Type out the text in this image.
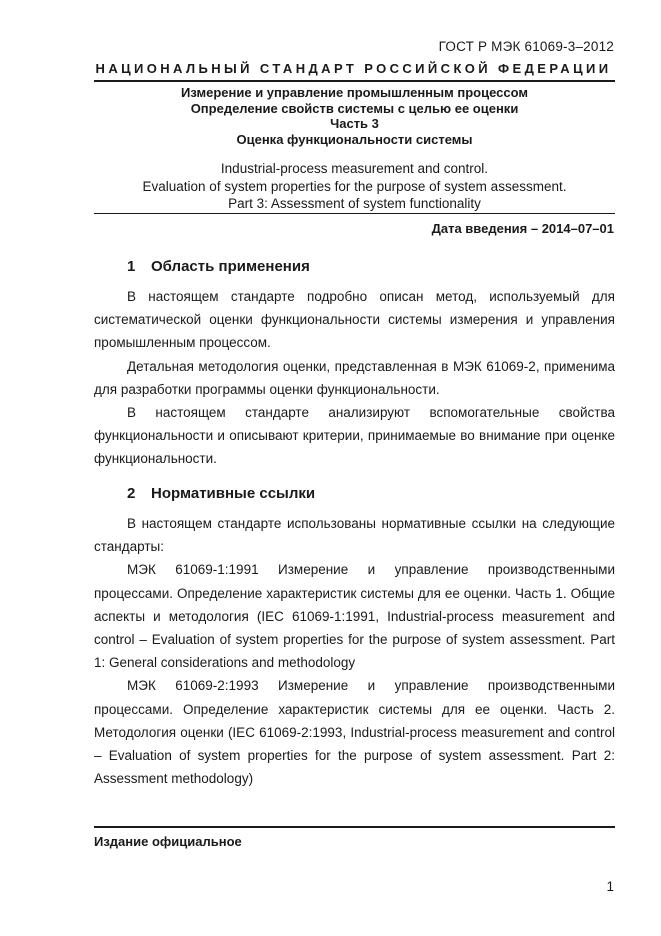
ГОСТ Р МЭК 61069-3–2012
НАЦИОНАЛЬНЫЙ СТАНДАРТ РОССИЙСКОЙ ФЕДЕРАЦИИ
Измерение и управление промышленным процессом
Определение свойств системы с целью ее оценки
Часть 3
Оценка функциональности системы
Industrial-process measurement and control.
Evaluation of system properties for the purpose of system assessment.
Part 3: Assessment of system functionality
Дата введения – 2014–07–01
1 Область применения

В настоящем стандарте подробно описан метод, используемый для систематической оценки функциональности системы измерения и управления промышленным процессом.

Детальная методология оценки, представленная в МЭК 61069-2, применима для разработки программы оценки функциональности.

В настоящем стандарте анализируют вспомогательные свойства функциональности и описывают критерии, принимаемые во внимание при оценке функциональности.

2 Нормативные ссылки

В настоящем стандарте использованы нормативные ссылки на следующие стандарты:

МЭК 61069-1:1991 Измерение и управление производственными процессами. Определение характеристик системы для ее оценки. Часть 1. Общие аспекты и методология (IEC 61069-1:1991, Industrial-process measurement and control – Evaluation of system properties for the purpose of system assessment. Part 1: General considerations and methodology

МЭК 61069-2:1993 Измерение и управление производственными процессами. Определение характеристик системы для ее оценки. Часть 2. Методология оценки (IEC 61069-2:1993, Industrial-process measurement and control – Evaluation of system properties for the purpose of system assessment. Part 2: Assessment methodology)

Издание официальное
1
